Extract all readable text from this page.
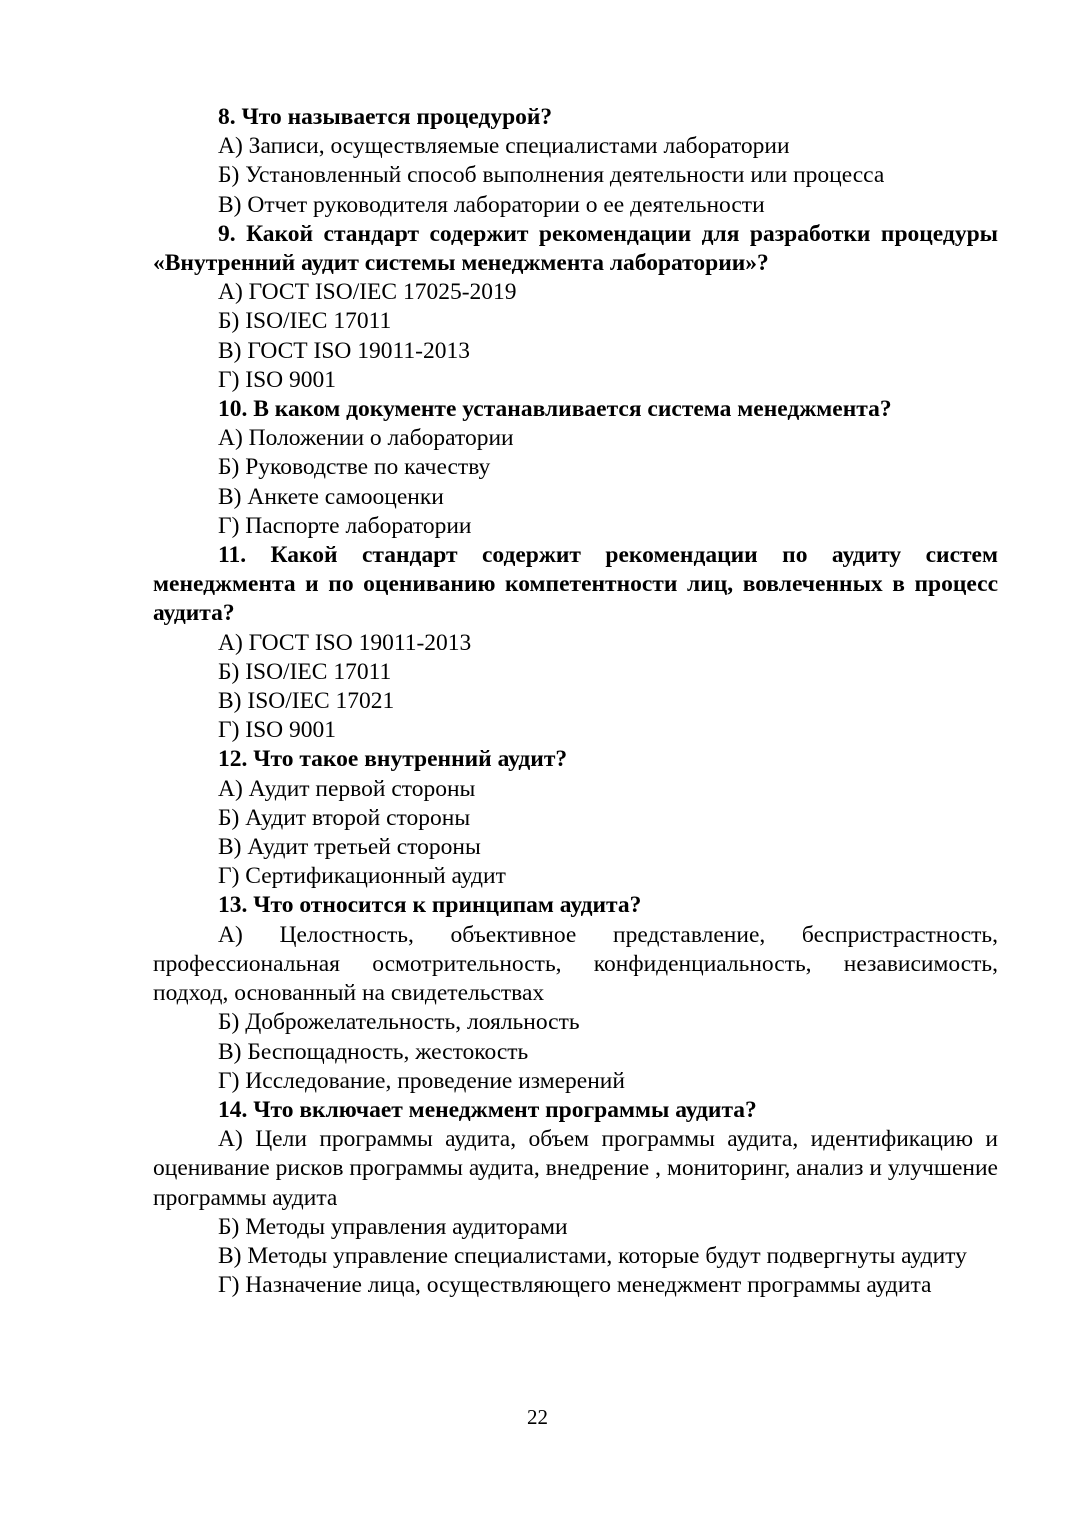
8. Что называется процедурой?

А) Записи, осуществляемые специалистами лаборатории

Б) Установленный способ выполнения деятельности или процесса

В) Отчет руководителя лаборатории о ее деятельности

9. Какой стандарт содержит рекомендации для разработки процедуры «Внутренний аудит системы менеджмента лаборатории»?

А) ГОСТ ISO/IEC 17025-2019

Б) ISO/IEC 17011

В) ГОСТ ISO 19011-2013

Г) ISO 9001

10. В каком документе устанавливается система менеджмента?

А) Положении о лаборатории

Б) Руководстве по качеству

В) Анкете самооценки

Г) Паспорте лаборатории

11. Какой стандарт содержит рекомендации по аудиту систем менеджмента и по оцениванию компетентности лиц, вовлеченных в процесс аудита?

А) ГОСТ ISO 19011-2013

Б) ISO/IEC 17011

В) ISO/IEC 17021

Г) ISO 9001

12. Что такое внутренний аудит?

А) Аудит первой стороны

Б) Аудит второй стороны

В) Аудит третьей стороны

Г) Сертификационный аудит

13. Что относится к принципам аудита?

А) Целостность, объективное представление, беспристрастность, профессиональная осмотрительность, конфиденциальность, независимость, подход, основанный на свидетельствах

Б) Доброжелательность, лояльность

В) Беспощадность, жестокость

Г) Исследование, проведение измерений

14. Что включает менеджмент программы аудита?

А) Цели программы аудита, объем программы аудита, идентификацию и оценивание рисков программы аудита, внедрение , мониторинг, анализ и улучшение программы аудита

Б) Методы управления аудиторами

В) Методы управление специалистами, которые будут подвергнуты аудиту

Г) Назначение лица, осуществляющего менеджмент программы аудита

22
